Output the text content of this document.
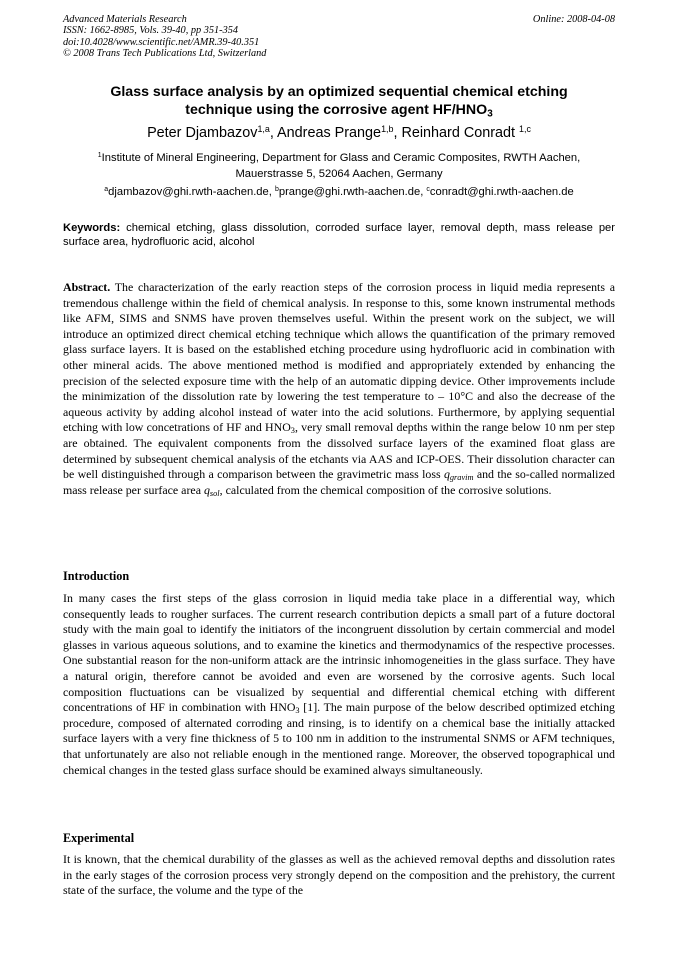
Advanced Materials Research
ISSN: 1662-8985, Vols. 39-40, pp 351-354
doi:10.4028/www.scientific.net/AMR.39-40.351
© 2008 Trans Tech Publications Ltd, Switzerland
Online: 2008-04-08
Glass surface analysis by an optimized sequential chemical etching
technique using the corrosive agent $HF/HNO_3$
Peter Djambazov$^{1,a}$, Andreas Prange$^{1,b}$, Reinhard Conradt $^{1,c}$
$^1$Institute of Mineral Engineering, Department for Glass and Ceramic Composites, RWTH Aachen,
Mauerstrasse 5, 52064 Aachen, Germany
$^a$djambazov@ghi.rwth-aachen.de, $^b$prange@ghi.rwth-aachen.de, $^c$conradt@ghi.rwth-aachen.de
Keywords: chemical etching, glass dissolution, corroded surface layer, removal depth, mass release per surface area, hydrofluoric acid, alcohol
Abstract. The characterization of the early reaction steps of the corrosion process in liquid media represents a tremendous challenge within the field of chemical analysis. In response to this, some known instrumental methods like AFM, SIMS and SNMS have proven themselves useful. Within the present work on the subject, we will introduce an optimized direct chemical etching technique which allows the quantification of the primary removed glass surface layers. It is based on the established etching procedure using hydrofluoric acid in combination with other mineral acids. The above mentioned method is modified and appropriately extended by enhancing the precision of the selected exposure time with the help of an automatic dipping device. Other improvements include the minimization of the dissolution rate by lowering the test temperature to – 10°C and also the decrease of the aqueous activity by adding alcohol instead of water into the acid solutions. Furthermore, by applying sequential etching with low concetrations of HF and $HNO_3$, very small removal depths within the range below 10 nm per step are obtained. The equivalent components from the dissolved surface layers of the examined float glass are determined by subsequent chemical analysis of the etchants via AAS and ICP-OES. Their dissolution character can be well distinguished through a comparison between the gravimetric mass loss $q_{gravim}$ and the so-called normalized mass release per surface area $q_{sol}$, calculated from the chemical composition of the corrosive solutions.
Introduction
In many cases the first steps of the glass corrosion in liquid media take place in a differential way, which consequently leads to rougher surfaces. The current research contribution depicts a small part of a future doctoral study with the main goal to identify the initiators of the incongruent dissolution by certain commercial and model glasses in various aqueous solutions, and to examine the kinetics and thermodynamics of the respective processes. One substantial reason for the non-uniform attack are the intrinsic inhomogeneities in the glass surface. They have a natural origin, therefore cannot be avoided and even are worsened by the corrosive agents. Such local composition fluctuations can be visualized by sequential and differential chemical etching with different concentrations of HF in combination with $HNO_3$ [1]. The main purpose of the below described optimized etching procedure, composed of alternated corroding and rinsing, is to identify on a chemical base the initially attacked surface layers with a very fine thickness of 5 to 100 nm in addition to the instrumental SNMS or AFM techniques, that unfortunately are also not reliable enough in the mentioned range. Moreover, the observed topographical und chemical changes in the tested glass surface should be examined always simultaneously.
Experimental
It is known, that the chemical durability of the glasses as well as the achieved removal depths and dissolution rates in the early stages of the corrosion process very strongly depend on the composition and the prehistory, the current state of the surface, the volume and the type of the
